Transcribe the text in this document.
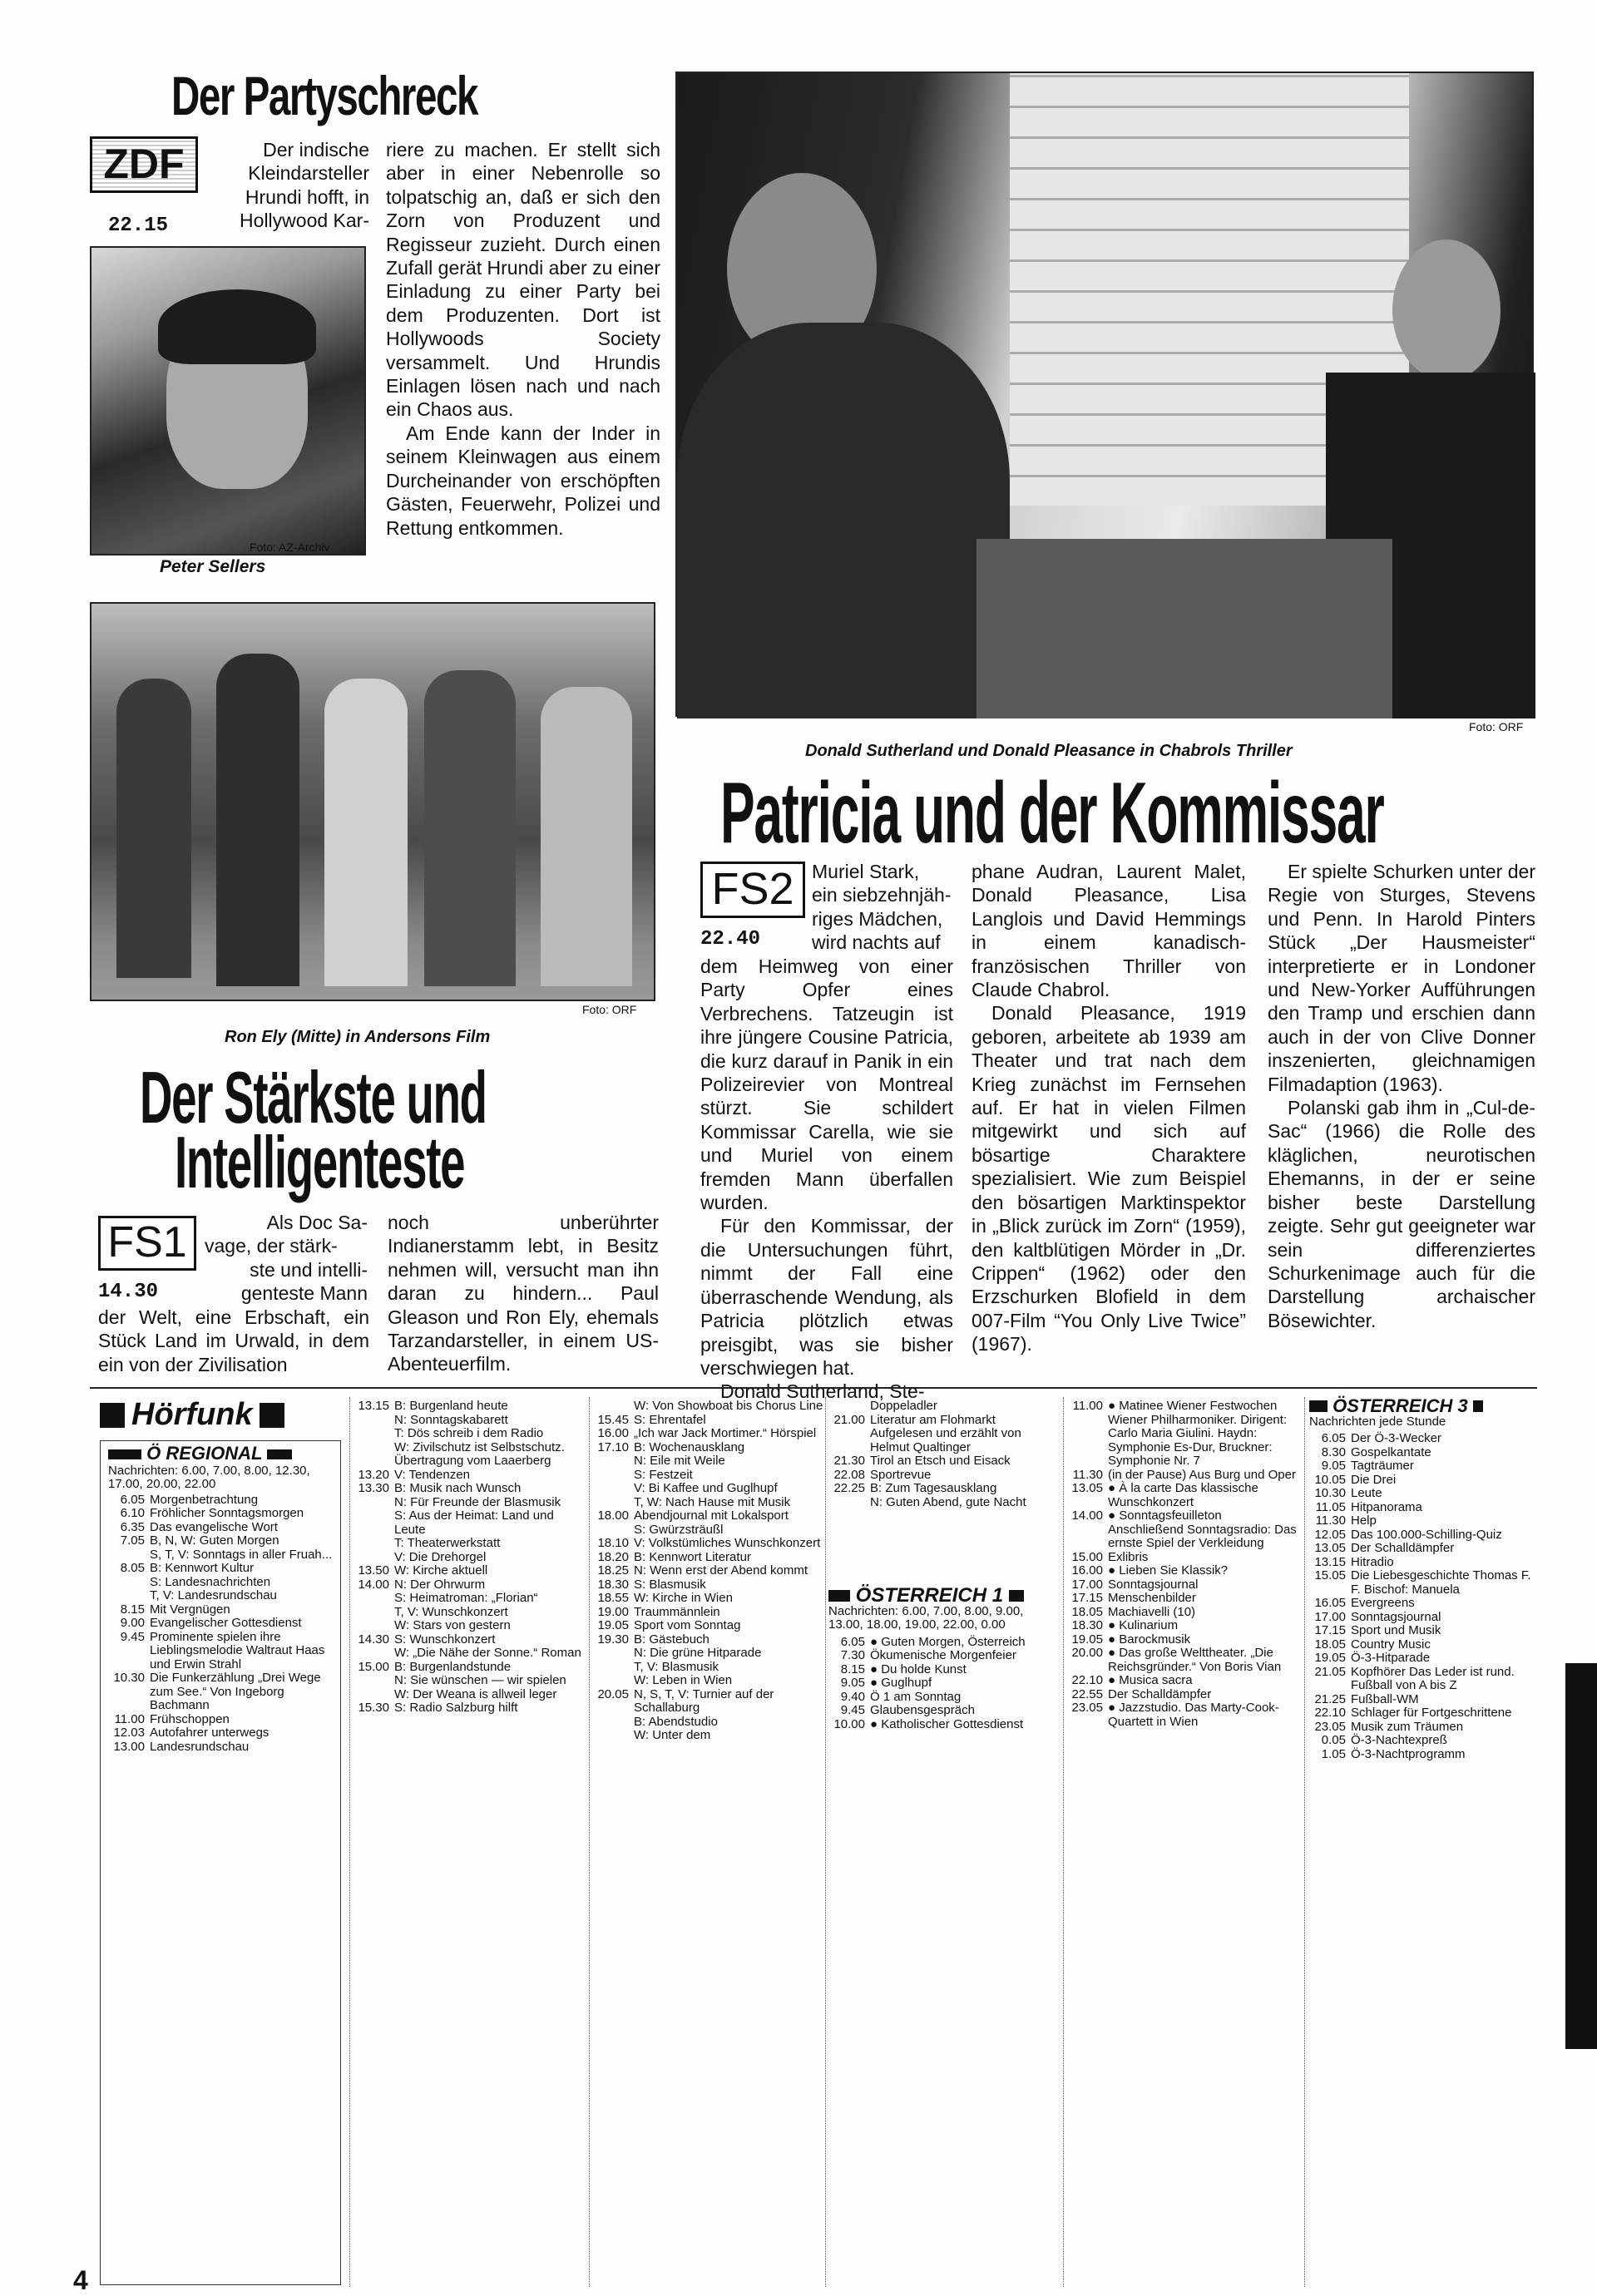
Der Partyschreck
ZDF
22.15
Der indische
Kleindarsteller
Hrundi hofft, in
Hollywood Kar-
Foto: AZ-Archiv
Peter Sellers

riere zu machen. Er stellt sich aber in einer Nebenrolle so tolpatschig an, daß er sich den Zorn von Produzent und Regisseur zuzieht. Durch einen Zufall gerät Hrundi aber zu einer Einladung zu einer Party bei dem Produzenten. Dort ist Hollywoods Society versammelt. Und Hrundis Einlagen lösen nach und nach ein Chaos aus.

Am Ende kann der Inder in seinem Kleinwagen aus einem Durcheinander von erschöpften Gästen, Feuerwehr, Polizei und Rettung entkommen.

Foto: ORF
Donald Sutherland und Donald Pleasance in Chabrols Thriller
Patricia und der Kommissar
FS2
22.40
Muriel Stark,
ein siebzehnjäh-
riges Mädchen,
wird nachts auf

dem Heimweg von einer Party Opfer eines Verbrechens. Tatzeugin ist ihre jüngere Cousine Patricia, die kurz darauf in Panik in ein Polizeirevier von Montreal stürzt. Sie schildert Kommissar Carella, wie sie und Muriel von einem fremden Mann überfallen wurden.

Für den Kommissar, der die Untersuchungen führt, nimmt der Fall eine überraschende Wendung, als Patricia plötzlich etwas preisgibt, was sie bisher verschwiegen hat.

Donald Sutherland, Ste-

phane Audran, Laurent Malet, Donald Pleasance, Lisa Langlois und David Hemmings in einem kanadisch-französischen Thriller von Claude Chabrol.

Donald Pleasance, 1919 geboren, arbeitete ab 1939 am Theater und trat nach dem Krieg zunächst im Fernsehen auf. Er hat in vielen Filmen mitgewirkt und sich auf bösartige Charaktere spezialisiert. Wie zum Beispiel den bösartigen Marktinspektor in „Blick zurück im Zorn“ (1959), den kaltblütigen Mörder in „Dr. Crippen“ (1962) oder den Erzschurken Blofield in dem 007-Film “You Only Live Twice” (1967).

Er spielte Schurken unter der Regie von Sturges, Stevens und Penn. In Harold Pinters Stück „Der Hausmeister“ interpretierte er in Londoner und New-Yorker Aufführungen den Tramp und erschien dann auch in der von Clive Donner inszenierten, gleichnamigen Filmadaption (1963).

Polanski gab ihm in „Cul-de-Sac“ (1966) die Rolle des kläglichen, neurotischen Ehemanns, in der er seine bisher beste Darstellung zeigte. Sehr gut geeigneter war sein differenziertes Schurkenimage auch für die Darstellung archaischer Bösewichter.

Foto: ORF
Ron Ely (Mitte) in Andersons Film
Der Stärkste und
Intelligenteste
FS1
14.30
Als Doc Sa-
vage, der stärk-
ste und intelli-
genteste Mann
der Welt, eine Erbschaft, ein Stück Land im Urwald, in dem ein von der Zivilisation
noch unberührter Indianerstamm lebt, in Besitz nehmen will, versucht man ihn daran zu hindern... Paul Gleason und Ron Ely, ehemals Tarzandarsteller, in einem US-Abenteuerfilm.
Hörfunk
Ö REGIONAL
Nachrichten: 6.00, 7.00, 8.00, 12.30, 17.00, 20.00, 22.00
6.05 Morgenbetrachtung
6.10 Fröhlicher Sonntagsmorgen
6.35 Das evangelische Wort
7.05 B, N, W: Guten Morgen
S, T, V: Sonntags in aller Fruah...
8.05 B: Kennwort Kultur
S: Landesnachrichten
T, V: Landesrundschau
8.15 Mit Vergnügen
9.00 Evangelischer Gottesdienst
9.45 Prominente spielen ihre Lieblingsmelodie Waltraut Haas und Erwin Strahl
10.30 Die Funkerzählung „Drei Wege zum See.“ Von Ingeborg Bachmann
11.00 Frühschoppen
12.03 Autofahrer unterwegs
13.00 Landesrundschau
13.15 B: Burgenland heute
N: Sonntagskabarett
T: Dös schreib i dem Radio
W: Zivilschutz ist Selbstschutz. Übertragung vom Laaerberg
13.20 V: Tendenzen
13.30 B: Musik nach Wunsch
N: Für Freunde der Blasmusik
S: Aus der Heimat: Land und Leute
T: Theaterwerkstatt
V: Die Drehorgel
13.50 W: Kirche aktuell
14.00 N: Der Ohrwurm
S: Heimatroman: „Florian“
T, V: Wunschkonzert
W: Stars von gestern
14.30 S: Wunschkonzert
W: „Die Nähe der Sonne.“ Roman
15.00 B: Burgenlandstunde
N: Sie wünschen — wir spielen
W: Der Weana is allweil leger
15.30 S: Radio Salzburg hilft
W: Von Showboat bis Chorus Line
15.45 S: Ehrentafel
16.00 „Ich war Jack Mortimer.“ Hörspiel
17.10 B: Wochenausklang
N: Eile mit Weile
S: Festzeit
V: Bi Kaffee und Guglhupf
T, W: Nach Hause mit Musik
18.00 Abendjournal mit Lokalsport
S: Gwürzsträußl
18.10 V: Volkstümliches Wunschkonzert
18.20 B: Kennwort Literatur
18.25 N: Wenn erst der Abend kommt
18.30 S: Blasmusik
18.55 W: Kirche in Wien
19.00 Traummännlein
19.05 Sport vom Sonntag
19.30 B: Gästebuch
N: Die grüne Hitparade
T, V: Blasmusik
W: Leben in Wien
20.05 N, S, T, V: Turnier auf der Schallaburg
B: Abendstudio
W: Unter dem
Doppeladler
21.00 Literatur am Flohmarkt Aufgelesen und erzählt von Helmut Qualtinger
21.30 Tirol an Etsch und Eisack
22.08 Sportrevue
22.25 B: Zum Tagesausklang
N: Guten Abend, gute Nacht
ÖSTERREICH 1
Nachrichten: 6.00, 7.00, 8.00, 9.00, 13.00, 18.00, 19.00, 22.00, 0.00
6.05 ● Guten Morgen, Österreich
7.30 Ökumenische Morgenfeier
8.15 ● Du holde Kunst
9.05 ● Guglhupf
9.40 Ö 1 am Sonntag
9.45 Glaubensgespräch
10.00 ● Katholischer Gottesdienst
11.00 ● Matinee Wiener Festwochen Wiener Philharmoniker. Dirigent: Carlo Maria Giulini. Haydn: Symphonie Es-Dur, Bruckner: Symphonie Nr. 7
11.30 (in der Pause) Aus Burg und Oper
13.05 ● À la carte Das klassische Wunschkonzert
14.00 ● Sonntagsfeuilleton Anschließend Sonntagsradio: Das ernste Spiel der Verkleidung
15.00 Exlibris
16.00 ● Lieben Sie Klassik?
17.00 Sonntagsjournal
17.15 Menschenbilder
18.05 Machiavelli (10)
18.30 ● Kulinarium
19.05 ● Barockmusik
20.00 ● Das große Welttheater. „Die Reichsgründer.“ Von Boris Vian
22.10 ● Musica sacra
22.55 Der Schalldämpfer
23.05 ● Jazzstudio. Das Marty-Cook-Quartett in Wien
ÖSTERREICH 3
Nachrichten jede Stunde
6.05 Der Ö-3-Wecker
8.30 Gospelkantate
9.05 Tagträumer
10.05 Die Drei
10.30 Leute
11.05 Hitpanorama
11.30 Help
12.05 Das 100.000-Schilling-Quiz
13.05 Der Schalldämpfer
13.15 Hitradio
15.05 Die Liebesgeschichte Thomas F. F. Bischof: Manuela
16.05 Evergreens
17.00 Sonntagsjournal
17.15 Sport und Musik
18.05 Country Music
19.05 Ö-3-Hitparade
21.05 Kopfhörer Das Leder ist rund. Fußball von A bis Z
21.25 Fußball-WM
22.10 Schlager für Fortgeschrittene
23.05 Musik zum Träumen
0.05 Ö-3-Nachtexpreß
1.05 Ö-3-Nachtprogramm
4
